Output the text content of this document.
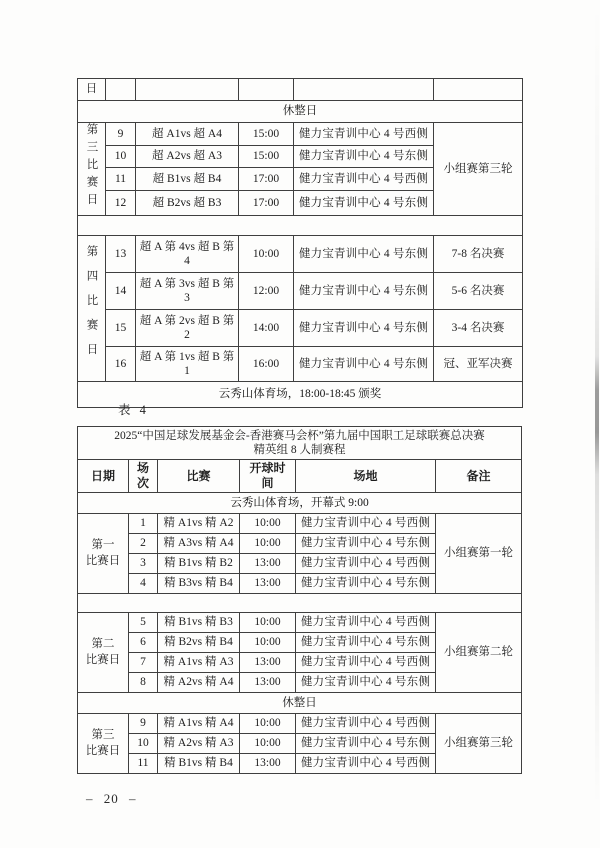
日					
休整日					
第三比赛日	9	超 A1vs 超 A4	15:00	健力宝青训中心 4 号西侧	小组赛第三轮
	10	超 A2vs 超 A3	15:00	健力宝青训中心 4 号东侧	
	11	超 B1vs 超 B4	17:00	健力宝青训中心 4 号西侧	
	12	超 B2vs 超 B3	17:00	健力宝青训中心 4 号东侧	

第四比赛日	13	超 A 第 4vs 超 B 第 4	10:00	健力宝青训中心 4 号东侧	7-8 名决赛
	14	超 A 第 3vs 超 B 第 3	12:00	健力宝青训中心 4 号东侧	5-6 名决赛
	15	超 A 第 2vs 超 B 第 2	14:00	健力宝青训中心 4 号东侧	3-4 名决赛
	16	超 A 第 1vs 超 B 第 1	16:00	健力宝青训中心 4 号东侧	冠、亚军决赛
云秀山体育场，18:00-18:45 颁奖					
表 4
2025“中国足球发展基金会-香港赛马会杯”第九届中国职工足球联赛总决赛
精英组 8 人制赛程					

日期	场次	比赛	开球时间	场地	备注
云秀山体育场，开幕式 9:00					

第一
比赛日	1	精 A1vs 精 A2	10:00	健力宝青训中心 4 号西侧	小组赛第一轮
	2	精 A3vs 精 A4	10:00	健力宝青训中心 4 号东侧	
	3	精 B1vs 精 B2	13:00	健力宝青训中心 4 号西侧	
	4	精 B3vs 精 B4	13:00	健力宝青训中心 4 号东侧	

第二
比赛日	5	精 B1vs 精 B3	10:00	健力宝青训中心 4 号西侧	小组赛第二轮
	6	精 B2vs 精 B4	10:00	健力宝青训中心 4 号东侧	
	7	精 A1vs 精 A3	13:00	健力宝青训中心 4 号西侧	
	8	精 A2vs 精 A4	13:00	健力宝青训中心 4 号东侧	
休整日					

第三
比赛日	9	精 A1vs 精 A4	10:00	健力宝青训中心 4 号西侧	小组赛第三轮
	10	精 A2vs 精 A3	10:00	健力宝青训中心 4 号东侧	
	11	精 B1vs 精 B4	13:00	健力宝青训中心 4 号西侧	
– 20 –
